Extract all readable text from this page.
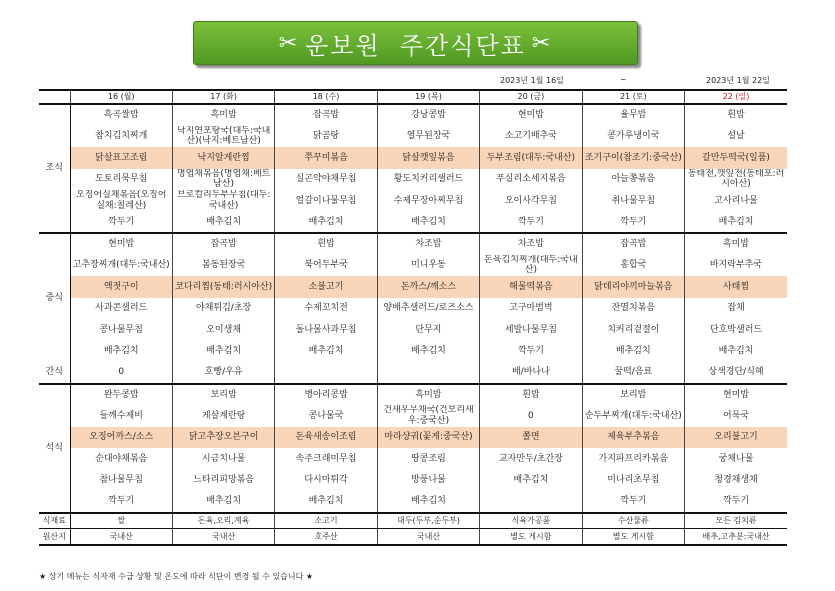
✂ 운보원  주간식단표 ✂
2023년 1월 16일	~	2023년 1월 22일
	16 (월)	17 (화)	18 (수)	19 (목)	20 (금)	21 (토)	22 (일)
조식	흑곡쌀밥	흑미밥	잡곡밥	강낭콩밥	현미밥	율무밥	흰밥
	참치김치찌개	낙지연포탕국(대두:국내산)(낙지:베트남산)	닭곰탕	열무된장국	소고기배추국	콩가루냉이국	설날
	닭살표고조림	낙지알게란찜	쭈꾸미볶음	닭살깻잎볶음	두부조림(대두:국내산)	조기구이(참조기:중국산)	갈만두떡국(일품)
	도토리묵무침	명엽채볶음(명엽채:베트남산)	실곤약야채무침	황도치커리샐러드	푸실리소세지볶음	아늘쫑볶음	동태전,깻잎전(동태포:러시아산)
	오징어실채볶음(오징어실채:칠레산)	브로컬리두부무침(대두:국내산)	얼갈이나물무침	수제무장아찌무침	오이사각무침	취나물무침	고사리나물
	깍두기	배추김치	배추김치	배추김치	깍두기	깍두기	배추김치
중식	현미밥	잡곡밥	흰밥	차조밥	차조밥	잡곡밥	흑미밥
	고추장찌개(대두:국내산)	봄동된장국	북어두부국	미니우동	돈육김치찌개(대두:국내산)	홍합국	바지락부추국
	액젓구이	코다리찜(동태:러시아산)	소불고기	돈까스/깨소스	해물떡볶음	닭데리야끼마늘볶음	사태찜
	사과콘샐러드	야채튀김/초장	수제꼬치전	양배추샐러드/로즈소스	고구마범벅	잔멸치볶음	잡채
	콩나물무침	오이생채	돌나물사과무침	단무지	세발나물무침	치커리겉절이	단호박샐러드
	배추김치	배추김치	배추김치	배추김치	깍두기	배추김치	배추김치
간식	0	호빵/우유			배/바나나	꿀떡/음료	상색경단/식혜
석식	완두콩밥	보리밥	병아리콩밥	흑미밥	흰밥	보리밥	현미밥
	들깨수제비	게살계란탕	콩나물국	건새우무채국(건보리새우:중국산)	0	순두부찌개(대두:국내산)	어묵국
	오징어까스/소스	닭고추장오븐구이	돈육새송이조림	마라샹궈(꽃게:중국산)	쫄면	제육부추볶음	오리불고기
	순대야채볶음	시금치나물	속주크래미무침	땅콩조림	교자만두/초간장	가지파프리카볶음	궁채나물
	참나물무침	느타리피망볶음	다시마튀각	방풍나물	배추김치	미나리초무침	청경채생채
	깍두기	배추김치	배추김치	배추김치		깍두기	깍두기
식재료	쌀	돈육,오리,계육	소고기	대두(두부,순두부)	식육가공품	수산물류	모든 김치류
원산지	국내산	국내산	호주산	국내산	별도 게시함	별도 게시함	배추,고추분:국내산
★ 상기 메뉴는 식자재 수급 상황 및 온도에 따라 식단이 변경 될 수 있습니다 ★
